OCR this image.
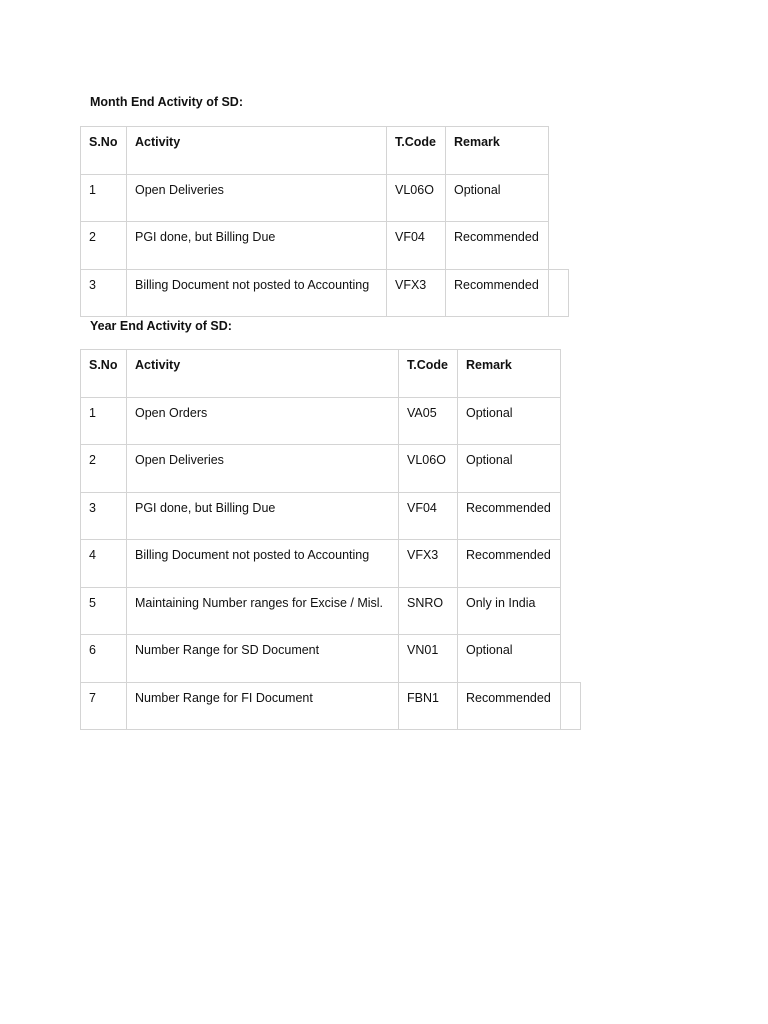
Month End Activity of SD:
S.No	Activity	T.Code	Remark	
1	Open Deliveries	VL06O	Optional	
2	PGI done, but Billing Due	VF04	Recommended	
3	Billing Document not posted to Accounting	VFX3	Recommended	
Year End Activity of SD:
S.No	Activity	T.Code	Remark	
1	Open Orders	VA05	Optional	
2	Open Deliveries	VL06O	Optional	
3	PGI done, but Billing Due	VF04	Recommended	
4	Billing Document not posted to Accounting	VFX3	Recommended	
5	Maintaining Number ranges for Excise / Misl.	SNRO	Only in India	
6	Number Range for SD Document	VN01	Optional	
7	Number Range for FI Document	FBN1	Recommended	
